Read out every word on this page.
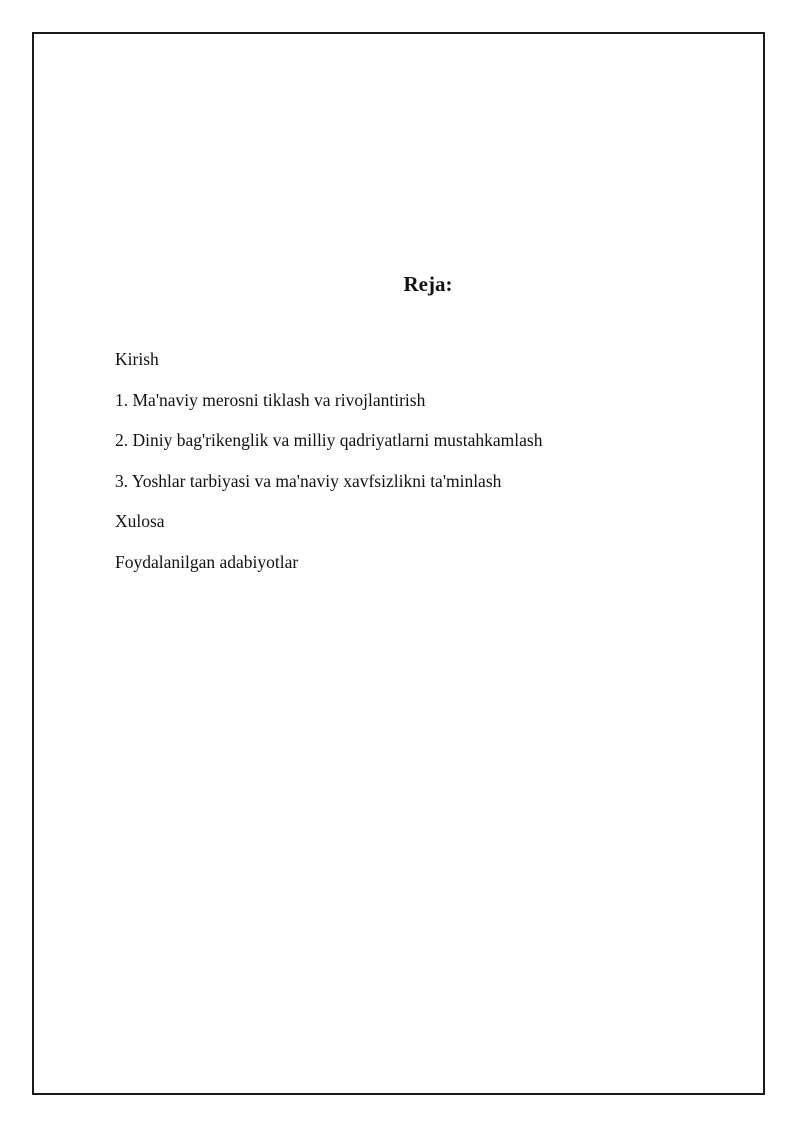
Reja:
Kirish
1. Ma'naviy merosni tiklash va rivojlantirish
2. Diniy bag'rikenglik va milliy qadriyatlarni mustahkamlash
3. Yoshlar tarbiyasi va ma'naviy xavfsizlikni ta'minlash
Xulosa
Foydalanilgan adabiyotlar
